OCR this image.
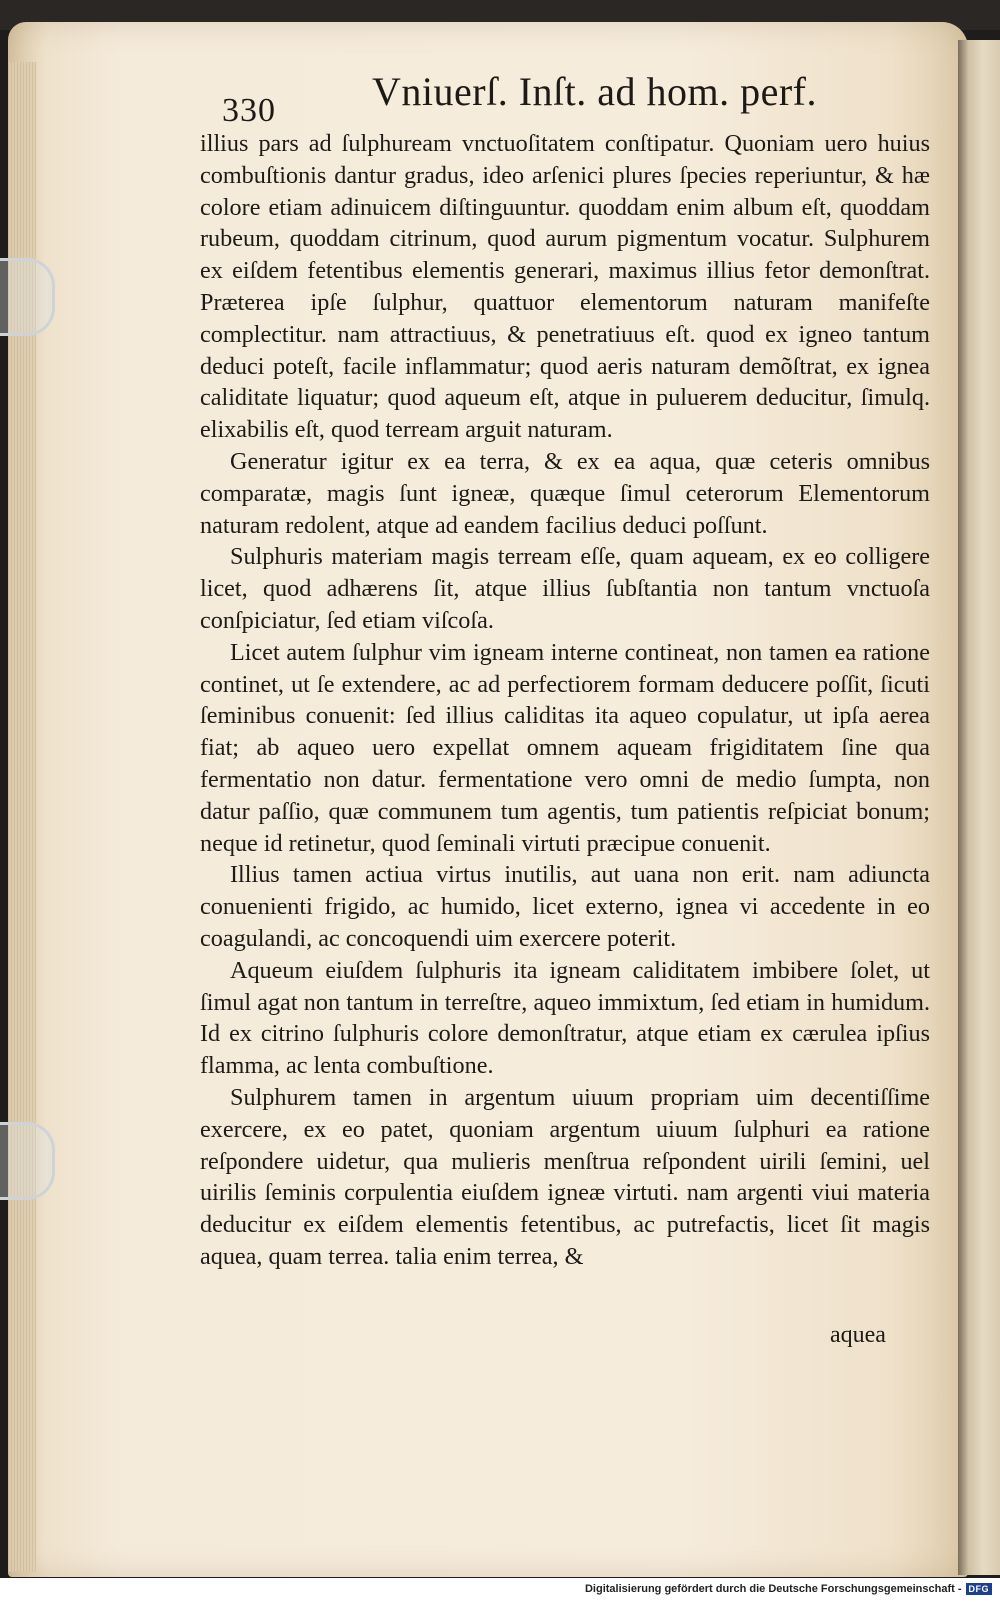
330 Vniuerſ. Inſt. ad hom. perf.

illius pars ad ſulphuream vnctuoſitatem conſtipatur. Quoniam uero huius combuſtionis dantur gradus, ideo arſenici plures ſpecies reperiuntur, & hæ colore etiam adinuicem diſtinguuntur. quoddam enim album eſt, quoddam rubeum, quoddam citrinum, quod aurum pigmentum vocatur. Sulphurem ex eiſdem fetentibus elementis generari, maximus illius fetor demonſtrat. Præterea ipſe ſulphur, quattuor elementorum naturam manifeſte complectitur. nam attractiuus, & penetratiuus eſt. quod ex igneo tantum deduci poteſt, facile inflammatur; quod aeris naturam demõſtrat, ex ignea caliditate liquatur; quod aqueum eſt, atque in puluerem deducitur, ſimulq. elixabilis eſt, quod terream arguit naturam.

Generatur igitur ex ea terra, & ex ea aqua, quæ ceteris omnibus comparatæ, magis ſunt igneæ, quæque ſimul ceterorum Elementorum naturam redolent, atque ad eandem facilius deduci poſſunt.

Sulphuris materiam magis terream eſſe, quam aqueam, ex eo colligere licet, quod adhærens ſit, atque illius ſubſtantia non tantum vnctuoſa conſpiciatur, ſed etiam viſcoſa.

Licet autem ſulphur vim igneam interne contineat, non tamen ea ratione continet, ut ſe extendere, ac ad perfectiorem formam deducere poſſit, ſicuti ſeminibus conuenit: ſed illius caliditas ita aqueo copulatur, ut ipſa aerea fiat; ab aqueo uero expellat omnem aqueam frigiditatem ſine qua fermentatio non datur. fermentatione vero omni de medio ſumpta, non datur paſſio, quæ communem tum agentis, tum patientis reſpiciat bonum; neque id retinetur, quod ſeminali virtuti præcipue conuenit.

Illius tamen actiua virtus inutilis, aut uana non erit. nam adiuncta conuenienti frigido, ac humido, licet externo, ignea vi accedente in eo coagulandi, ac concoquendi uim exercere poterit.

Aqueum eiuſdem ſulphuris ita igneam caliditatem imbibere ſolet, ut ſimul agat non tantum in terreſtre, aqueo immixtum, ſed etiam in humidum. Id ex citrino ſulphuris colore demonſtratur, atque etiam ex cærulea ipſius flamma, ac lenta combuſtione.

Sulphurem tamen in argentum uiuum propriam uim decentiſſime exercere, ex eo patet, quoniam argentum uiuum ſulphuri ea ratione reſpondere uidetur, qua mulieris menſtrua reſpondent uirili ſemini, uel uirilis ſeminis corpulentia eiuſdem igneæ virtuti. nam argenti viui materia deducitur ex eiſdem elementis fetentibus, ac putrefactis, licet ſit magis aquea, quam terrea. talia enim terrea, &

aquea
Digitalisierung gefördert durch die Deutsche Forschungsgemeinschaft - DFG
